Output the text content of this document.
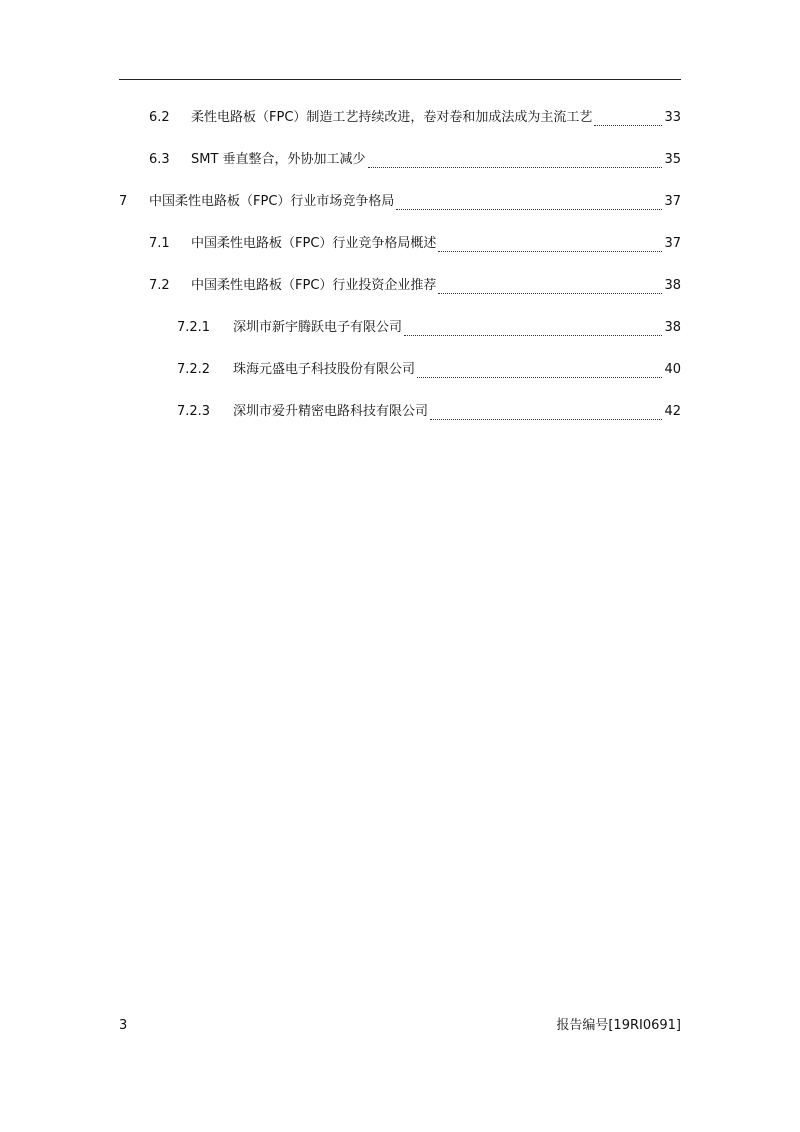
6.2	柔性电路板（FPC）制造工艺持续改进，卷对卷和加成法成为主流工艺	33
6.3	SMT 垂直整合，外协加工减少	35
7	中国柔性电路板（FPC）行业市场竞争格局	37
7.1	中国柔性电路板（FPC）行业竞争格局概述	37
7.2	中国柔性电路板（FPC）行业投资企业推荐	38
7.2.1	深圳市新宇腾跃电子有限公司	38
7.2.2	珠海元盛电子科技股份有限公司	40
7.2.3	深圳市爱升精密电路科技有限公司	42
3	报告编号[19RI0691]
